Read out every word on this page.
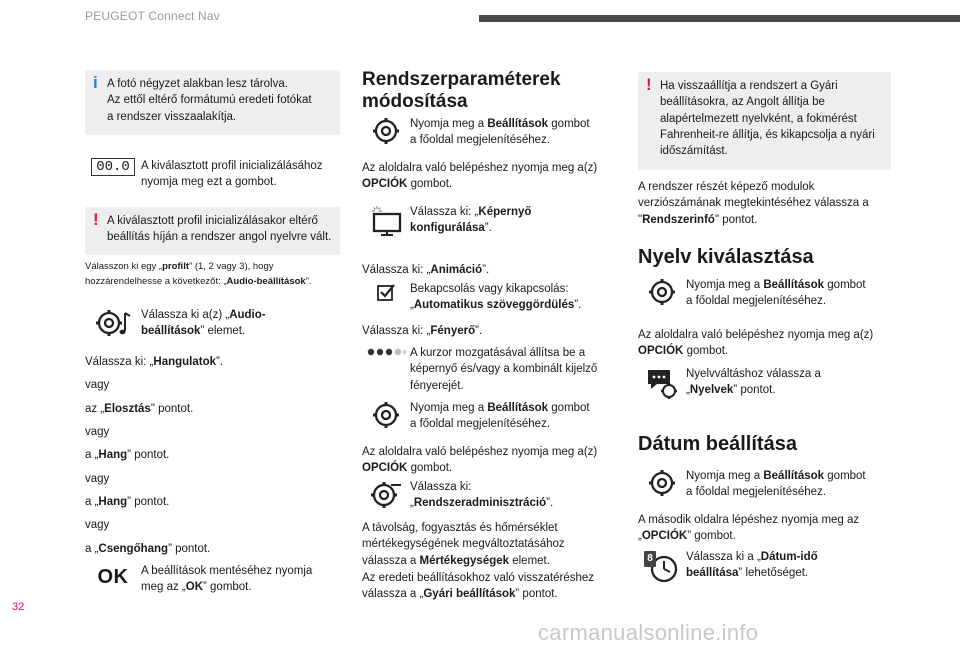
PEUGEOT Connect Nav
i A fotó négyzet alakban lesz tárolva.

Az ettől eltérő formátumú eredeti fotókat

a rendszer visszaalakítja.

00.0 A kiválasztott profil inicializálásához

nyomja meg ezt a gombot.

! A kiválasztott profil inicializálásakor eltérő

beállítás híján a rendszer angol nyelvre vált.

Válasszon ki egy „profilt” (1, 2 vagy 3), hogy

hozzárendelhesse a következőt: „Audio-beállítások”.

Válassza ki a(z) „Audio-

beállítások” elemet.

Válassza ki: „Hangulatok”.

vagy

az „Elosztás" pontot.

vagy

a „Hang” pontot.

vagy

a „Hang” pontot.

vagy

a „Csengőhang” pontot.

OK A beállítások mentéséhez nyomja

meg az „OK” gombot.

Rendszerparaméterek

módosítása

Nyomja meg a Beállítások gombot

a főoldal megjelenítéséhez.

Az aloldalra való belépéshez nyomja meg a(z)

OPCIÓK gombot.

Válassza ki: „Képernyő

konfigurálása”.

Válassza ki: „Animáció”.

Bekapcsolás vagy kikapcsolás:

„Automatikus szöveggördülés”.

Válassza ki: „Fényerő”.

A kurzor mozgatásával állítsa be a

képernyő és/vagy a kombinált kijelző

fényerejét.

Nyomja meg a Beállítások gombot

a főoldal megjelenítéséhez.

Az aloldalra való belépéshez nyomja meg a(z)

OPCIÓK gombot.

Válassza ki:

„Rendszeradminisztráció”.

A távolság, fogyasztás és hőmérséklet

mértékegységének megváltoztatásához

válassza a Mértékegységek elemet.

Az eredeti beállításokhoz való visszatéréshez

válassza a „Gyári beállítások” pontot.

! Ha visszaállítja a rendszert a Gyári

beállításokra, az Angolt állítja be

alapértelmezett nyelvként, a fokmérést

Fahrenheit-re állítja, és kikapcsolja a nyári

időszámítást.

A rendszer részét képező modulok

verziószámának megtekintéséhez válassza a

"Rendszerinfó" pontot.

Nyelv kiválasztása

Nyomja meg a Beállítások gombot

a főoldal megjelenítéséhez.

Az aloldalra való belépéshez nyomja meg a(z)

OPCIÓK gombot.

Nyelvváltáshoz válassza a

„Nyelvek” pontot.

Dátum beállítása

Nyomja meg a Beállítások gombot

a főoldal megjelenítéséhez.

A második oldalra lépéshez nyomja meg az

„OPCIÓK” gombot.

8	Válassza ki a „Dátum-idő

beállítása” lehetőséget.

32
carmanualsonline.info
